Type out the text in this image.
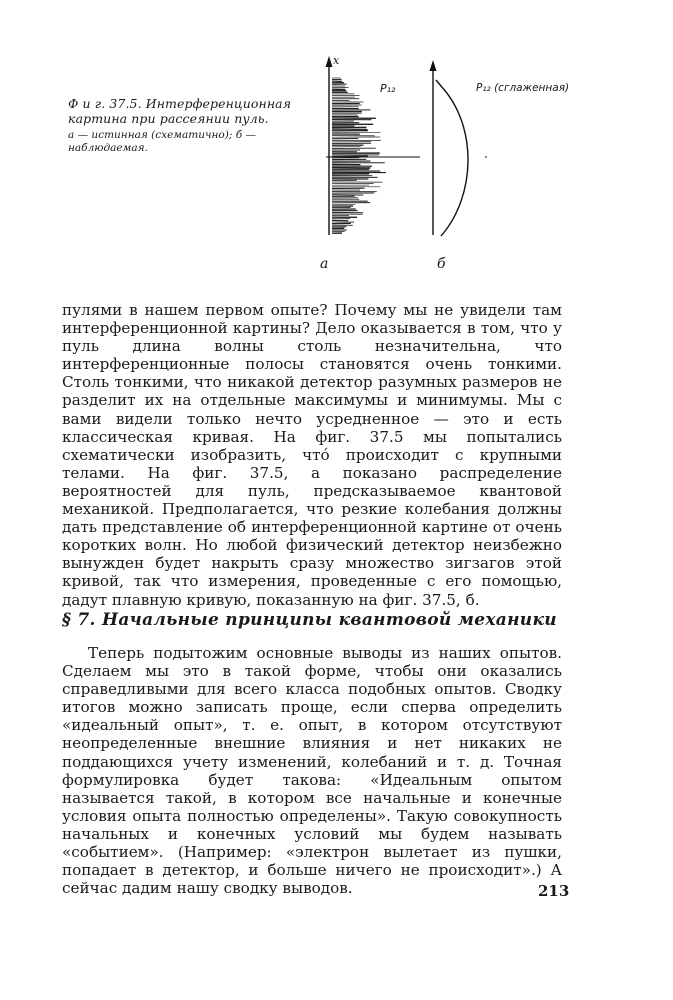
Ф и г. 37.5. Интерференционная картина при рассеянии пуль.
а — истинная (схематично); б — наблюдаемая.
x
P₁₂	P₁₂ (сглаженная)
а	б
пулями в нашем первом опыте? Почему мы не увидели там интерференционной картины? Дело оказывается в том, что у пуль длина волны столь незначительна, что интерференционные полосы становятся очень тонкими. Столь тонкими, что никакой детектор разумных размеров не разделит их на отдельные максимумы и минимумы. Мы с вами видели только нечто усредненное — это и есть классическая кривая. На фиг. 37.5 мы попытались схематически изобразить, что́ происходит с крупными телами. На фиг. 37.5, а показано распределение вероятностей для пуль, предсказываемое квантовой механикой. Предполагается, что резкие колебания должны дать представление об интерференционной картине от очень коротких волн. Но любой физический детектор неизбежно вынужден будет накрыть сразу множество зигзагов этой кривой, так что измерения, проведенные с его помощью, дадут плавную кривую, показанную на фиг. 37.5, б.
§ 7. Начальные принципы квантовой механики
Теперь подытожим основные выводы из наших опытов. Сделаем мы это в такой форме, чтобы они оказались справедливыми для всего класса подобных опытов. Сводку итогов можно записать проще, если сперва определить «идеальный опыт», т. е. опыт, в котором отсутствуют неопределенные внешние влияния и нет никаких не поддающихся учету изменений, колебаний и т. д. Точная формулировка будет такова: «Идеальным опытом называется такой, в котором все начальные и конечные условия опыта полностью определены». Такую совокупность начальных и конечных условий мы будем называть «событием». (Например: «электрон вылетает из пушки, попадает в детектор, и больше ничего не происходит».) А сейчас дадим нашу сводку выводов.	213
